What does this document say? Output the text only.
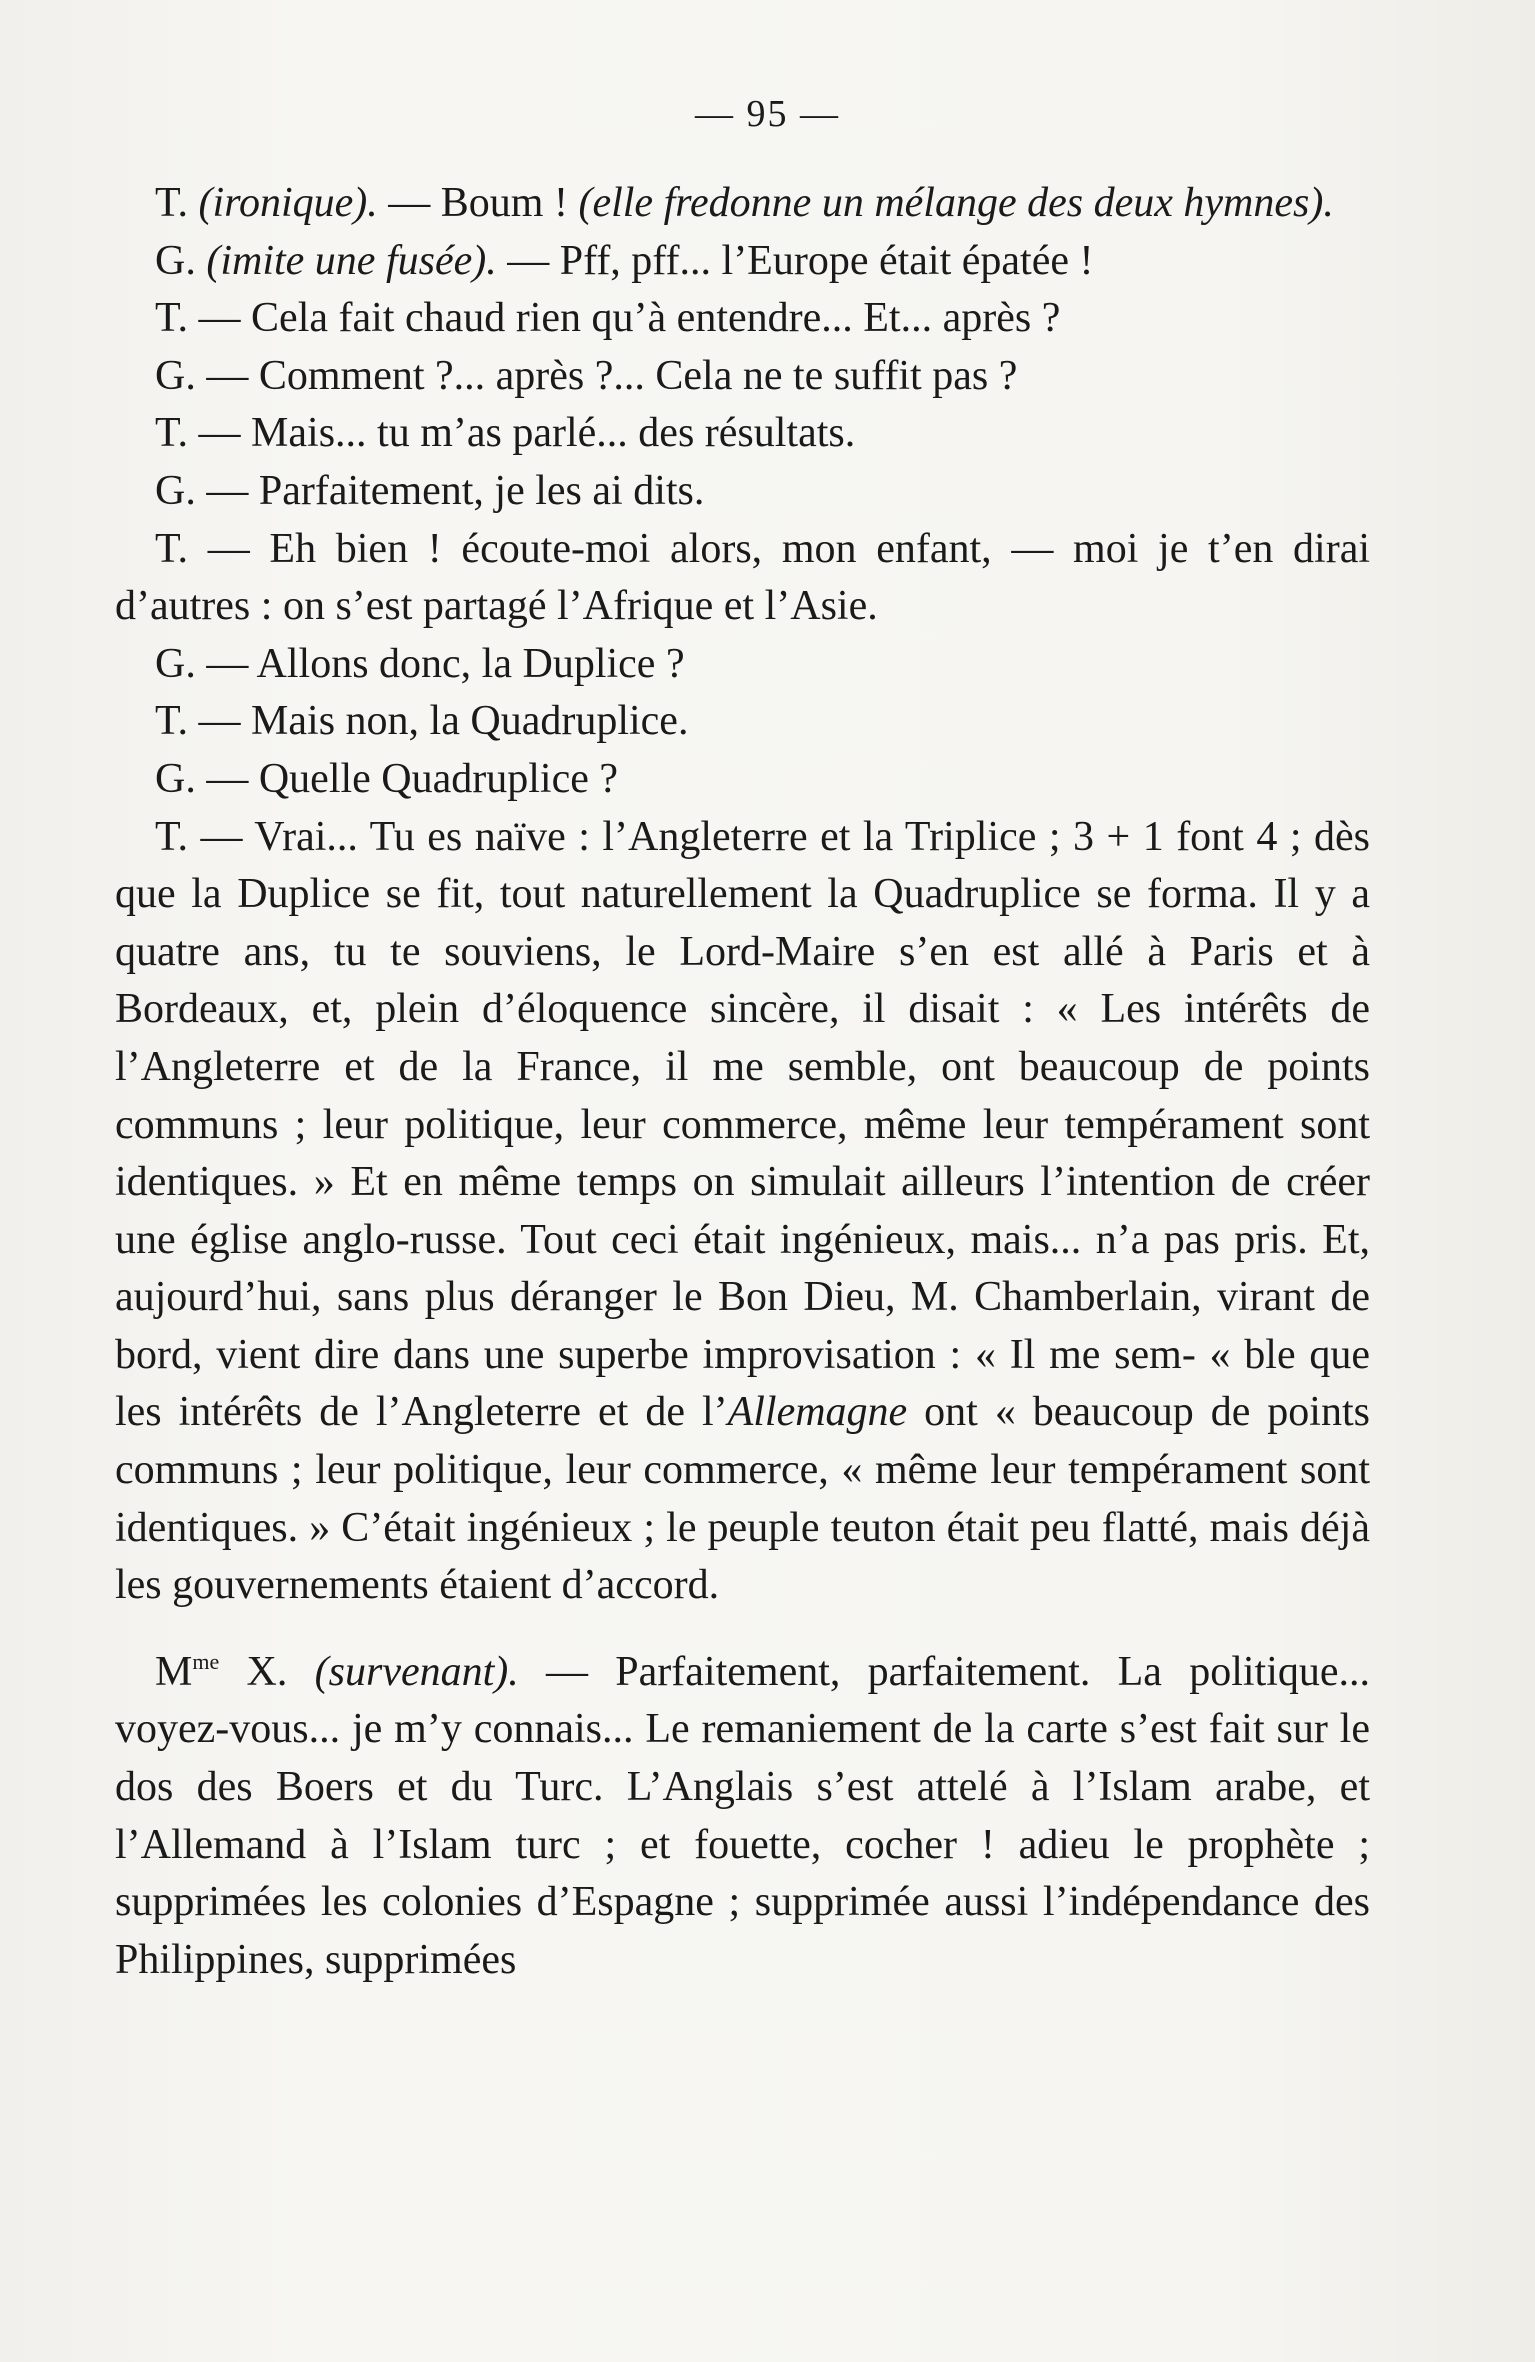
— 95 —

T. (ironique). — Boum ! (elle fredonne un mélange des deux hymnes).

G. (imite une fusée). — Pff, pff... l’Europe était épatée !

T. — Cela fait chaud rien qu’à entendre... Et... après ?

G. — Comment ?... après ?... Cela ne te suffit pas ?

T. — Mais... tu m’as parlé... des résultats.

G. — Parfaitement, je les ai dits.

T. — Eh bien ! écoute-moi alors, mon enfant, — moi je t’en dirai d’autres : on s’est partagé l’Afrique et l’Asie.

G. — Allons donc, la Duplice ?

T. — Mais non, la Quadruplice.

G. — Quelle Quadruplice ?

T. — Vrai... Tu es naïve : l’Angleterre et la Triplice ; 3 + 1 font 4 ; dès que la Duplice se fit, tout naturellement la Quadruplice se forma. Il y a quatre ans, tu te souviens, le Lord-Maire s’en est allé à Paris et à Bordeaux, et, plein d’éloquence sincère, il disait : « Les intérêts de l’Angleterre et de la France, il me semble, ont beaucoup de points communs ; leur politique, leur commerce, même leur tempérament sont identiques. » Et en même temps on simulait ailleurs l’intention de créer une église anglo-russe. Tout ceci était ingénieux, mais... n’a pas pris. Et, aujourd’hui, sans plus déranger le Bon Dieu, M. Chamberlain, virant de bord, vient dire dans une superbe improvisation : « Il me sem- « ble que les intérêts de l’Angleterre et de l’Allemagne ont « beaucoup de points communs ; leur politique, leur commerce, « même leur tempérament sont identiques. » C’était ingénieux ; le peuple teuton était peu flatté, mais déjà les gouvernements étaient d’accord.

$M^{me}$ X. (survenant). — Parfaitement, parfaitement. La politique... voyez-vous... je m’y connais... Le remaniement de la carte s’est fait sur le dos des Boers et du Turc. L’Anglais s’est attelé à l’Islam arabe, et l’Allemand à l’Islam turc ; et fouette, cocher ! adieu le prophète ; supprimées les colonies d’Espagne ; supprimée aussi l’indépendance des Philippines, supprimées
